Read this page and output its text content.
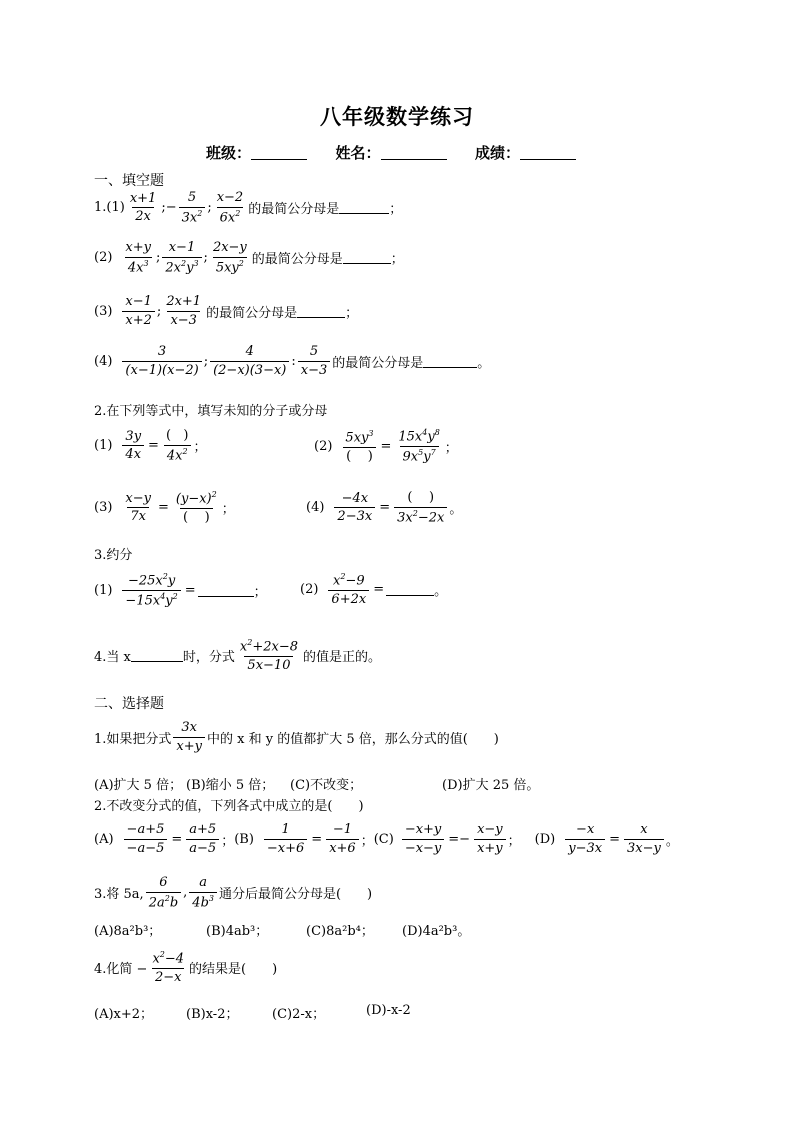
八年级数学练习
班级：	姓名：	成绩：
一、填空题
$1.(1) \frac{x+1}{2x}$ ;− $\frac{5}{3x^2}$ ; $\frac{x-2}{6x^2}$ 的最简公分母是	；
$(2) \frac{x+y}{4x^3}$ ; $\frac{x-1}{2x^2y^3}$ ; $\frac{2x-y}{5xy^2}$ 的最简公分母是	；
$(3) \frac{x-1}{x+2}$ ; $\frac{2x+1}{x-3}$ 的最简公分母是	；
$(4) \frac{3}{(x-1)(x-2)}$ ; $\frac{4}{(2-x)(3-x)}$ : $\frac{5}{x-3}$ 的最简公分母是	。
2.在下列等式中，填写未知的分子或分母
$(1) \frac{3y}{4x} = \frac{( )}{4x^2}$ ；	$(2) \frac{5xy^3}{( )} = \frac{15x^4y^8}{9x^5y^7}$ ；
$(3) \frac{x-y}{7x} = \frac{(y-x)^2}{( )}$ ；	$(4) \frac{-4x}{2-3x} = \frac{( )}{3x^2-2x}$ 。
3.约分
$(1) \frac{-25x^2y}{-15x^4y^2}$ =	；	$(2) \frac{x^2-9}{6+2x}$ =	。
4.当 x	时，分式 $\frac{x^2+2x-8}{5x-10}$ 的值是正的。
二、选择题
1.如果把分式 $\frac{3x}{x+y}$ 中的 x 和 y 的值都扩大 5 倍，那么分式的值(　　)
(A)扩大 5 倍； (B)缩小 5 倍； (C)不改变；	(D)扩大 25 倍。
2.不改变分式的值，下列各式中成立的是(　　)
$(A) \frac{-a+5}{-a-5} = \frac{a+5}{a-5}$ ； $(B) \frac{1}{-x+6} = \frac{-1}{x+6}$ ； $(C) \frac{-x+y}{-x-y} =- \frac{x-y}{x+y}$ ； $(D) \frac{-x}{y-3x} = \frac{x}{3x-y}$ 。
3.将 5a, $\frac{6}{2a^2b}$ , $\frac{a}{4b^3}$ 通分后最简公分母是(　　)
(A)8a²b³；	(B)4ab³；	(C)8a²b⁴； (D)4a²b³。
4.化简 − $\frac{x^2-4}{2-x}$ 的结果是(　　)
(A)x+2；	(B)x-2；	(C)2-x；	(D)-x-2
